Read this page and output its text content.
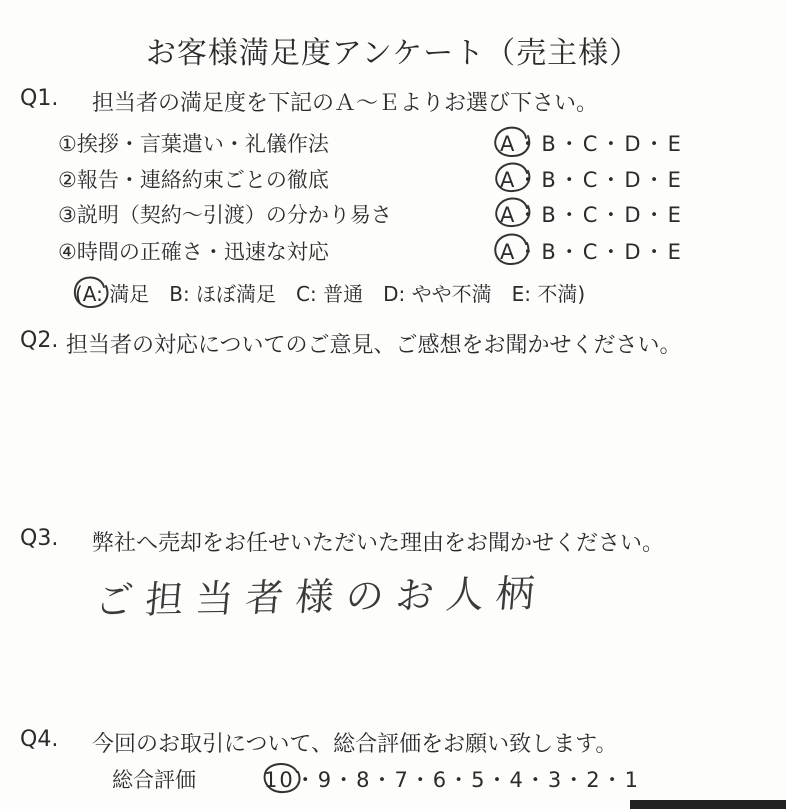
お客様満足度アンケート（売主様）
Q1. 担当者の満足度を下記のＡ～Ｅよりお選び下さい。
①挨拶・言葉遣い・礼儀作法	A・B・C・D・E
②報告・連絡約束ごとの徹底	A・B・C・D・E
③説明（契約～引渡）の分かり易さ	A・B・C・D・E
④時間の正確さ・迅速な対応	A・B・C・D・E
(A: 満足　B: ほぼ満足　C: 普通　D: やや不満　E: 不満)
Q2. 担当者の対応についてのご意見、ご感想をお聞かせください。
Q3. 弊社へ売却をお任せいただいた理由をお聞かせください。
ご担当者様のお人柄
Q4. 今回のお取引について、総合評価をお願い致します。
総合評価	10・9・8・7・6・5・4・3・2・1
